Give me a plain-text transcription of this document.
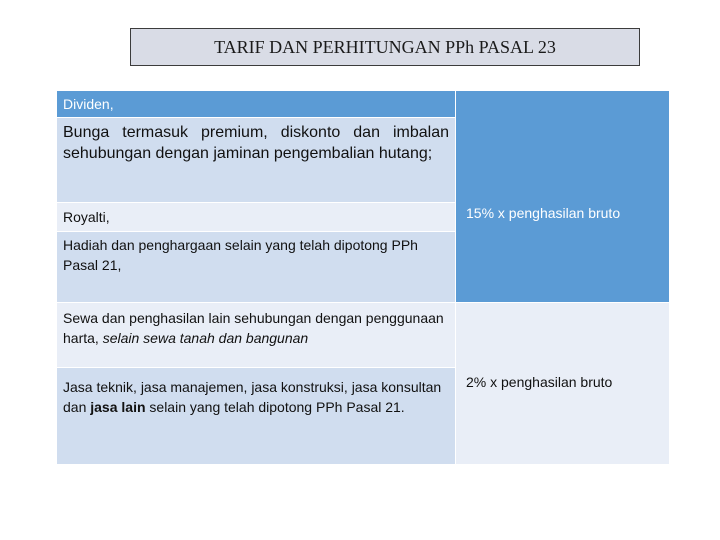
TARIF DAN PERHITUNGAN PPh PASAL 23
Dividen,
Bunga termasuk premium, diskonto dan imbalan sehubungan dengan jaminan pengembalian hutang;
Royalti,
Hadiah dan penghargaan selain yang telah dipotong PPh Pasal 21,
Sewa dan penghasilan lain sehubungan dengan penggunaan harta, selain sewa tanah dan bangunan
Jasa teknik, jasa manajemen, jasa konstruksi, jasa konsultan dan jasa lain selain yang telah dipotong PPh Pasal 21.
15% x penghasilan bruto
2% x penghasilan bruto
